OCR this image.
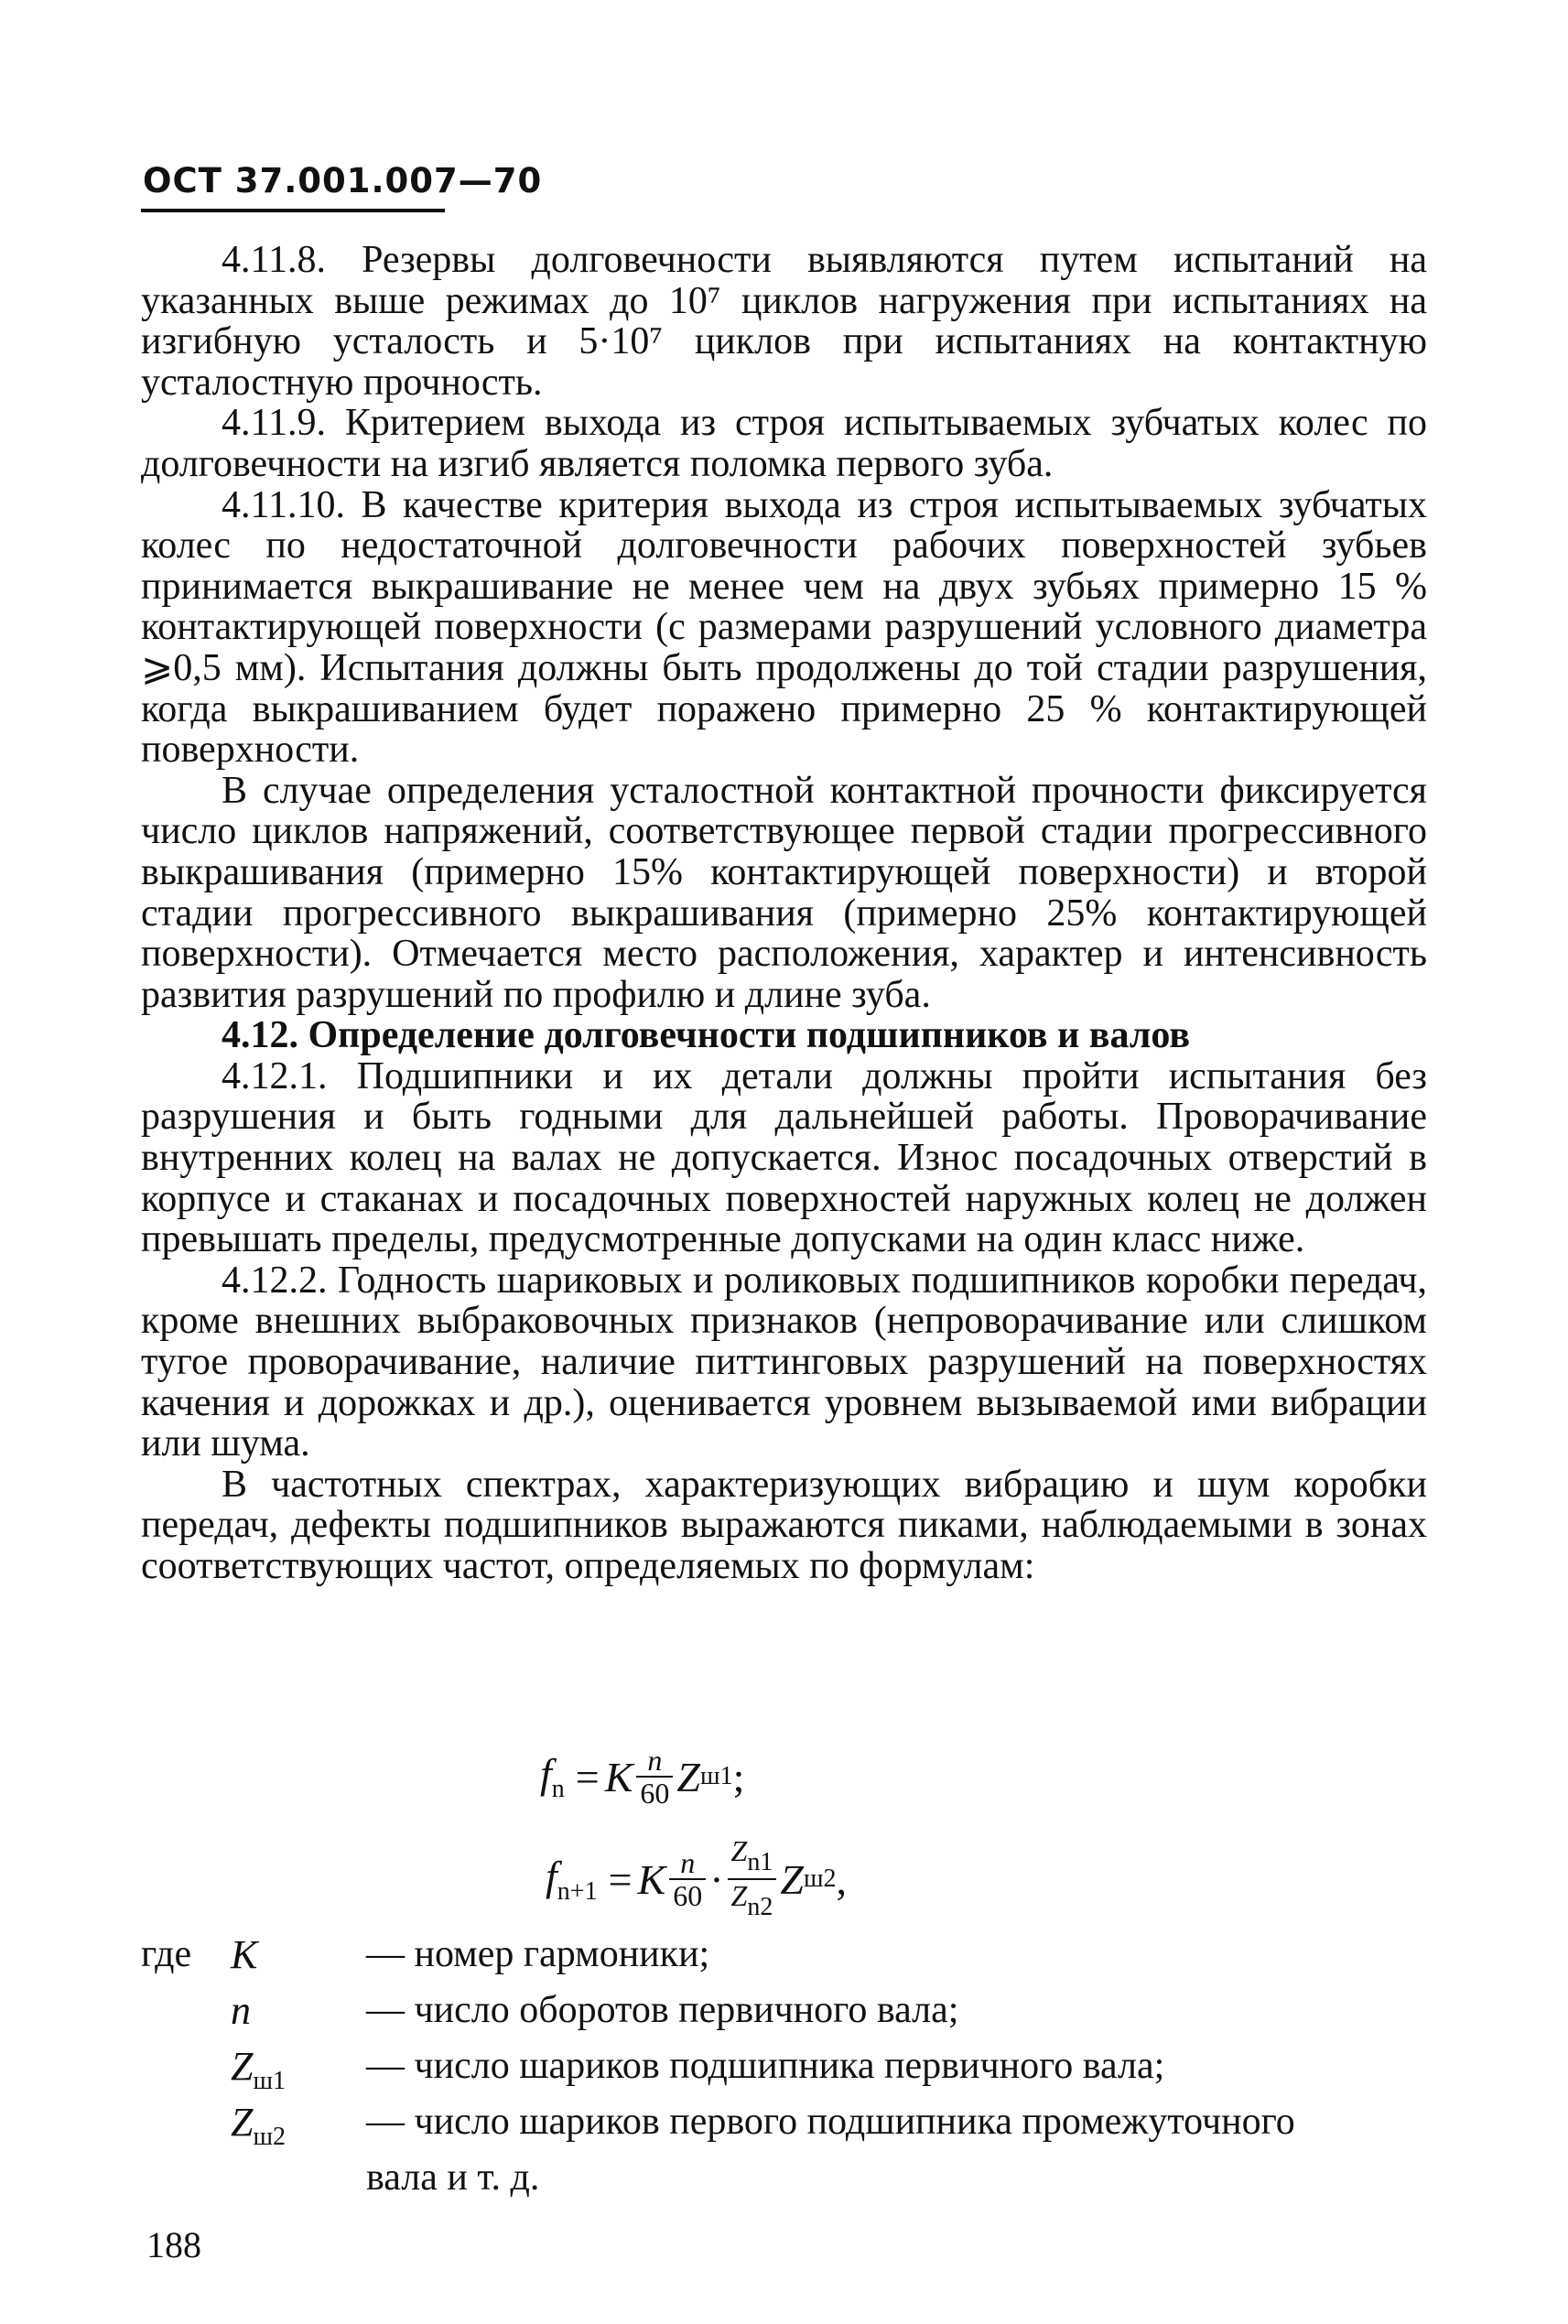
ОСТ 37.001.007—70

4.11.8. Резервы долговечности выявляются путем испытаний на указанных выше режимах до 10⁷ циклов нагружения при испытаниях на изгибную усталость и 5·10⁷ циклов при испытаниях на контактную усталостную прочность.

4.11.9. Критерием выхода из строя испытываемых зубчатых колес по долговечности на изгиб является поломка первого зуба.

4.11.10. В качестве критерия выхода из строя испытываемых зубчатых колес по недостаточной долговечности рабочих поверхностей зубьев принимается выкрашивание не менее чем на двух зубьях примерно 15 % контактирующей поверхности (с размерами разрушений условного диаметра ⩾0,5 мм). Испытания должны быть продолжены до той стадии разрушения, когда выкрашиванием будет поражено примерно 25 % контактирующей поверхности.

В случае определения усталостной контактной прочности фиксируется число циклов напряжений, соответствующее первой стадии прогрессивного выкрашивания (примерно 15% контактирующей поверхности) и второй стадии прогрессивного выкрашивания (примерно 25% контактирующей поверхности). Отмечается место расположения, характер и интенсивность развития разрушений по профилю и длине зуба.

4.12. Определение долговечности подшипников и валов

4.12.1. Подшипники и их детали должны пройти испытания без разрушения и быть годными для дальнейшей работы. Проворачивание внутренних колец на валах не допускается. Износ посадочных отверстий в корпусе и стаканах и посадочных поверхностей наружных колец не должен превышать пределы, предусмотренные допусками на один класс ниже.

4.12.2. Годность шариковых и роликовых подшипников коробки передач, кроме внешних выбраковочных признаков (непроворачивание или слишком тугое проворачивание, наличие питтинговых разрушений на поверхностях качения и дорожках и др.), оценивается уровнем вызываемой ими вибрации или шума.

В частотных спектрах, характеризующих вибрацию и шум коробки передач, дефекты подшипников выражаются пиками, наблюдаемыми в зонах соответствующих частот, определяемых по формулам:

$f_n = K \frac{n}{60}$ Z ш1 ;
$f_{n+1} = K \frac{n}{60} \cdot \frac{Zn1}{Zn2}$ Z ш2 ,
где K	— номер гармоники;
n	— число оборотов первичного вала;
$Z_{ш1}$	— число шариков подшипника первичного вала;
$Z_{ш2}$	— число шариков первого подшипника промежуточного
вала и т. д.
188
